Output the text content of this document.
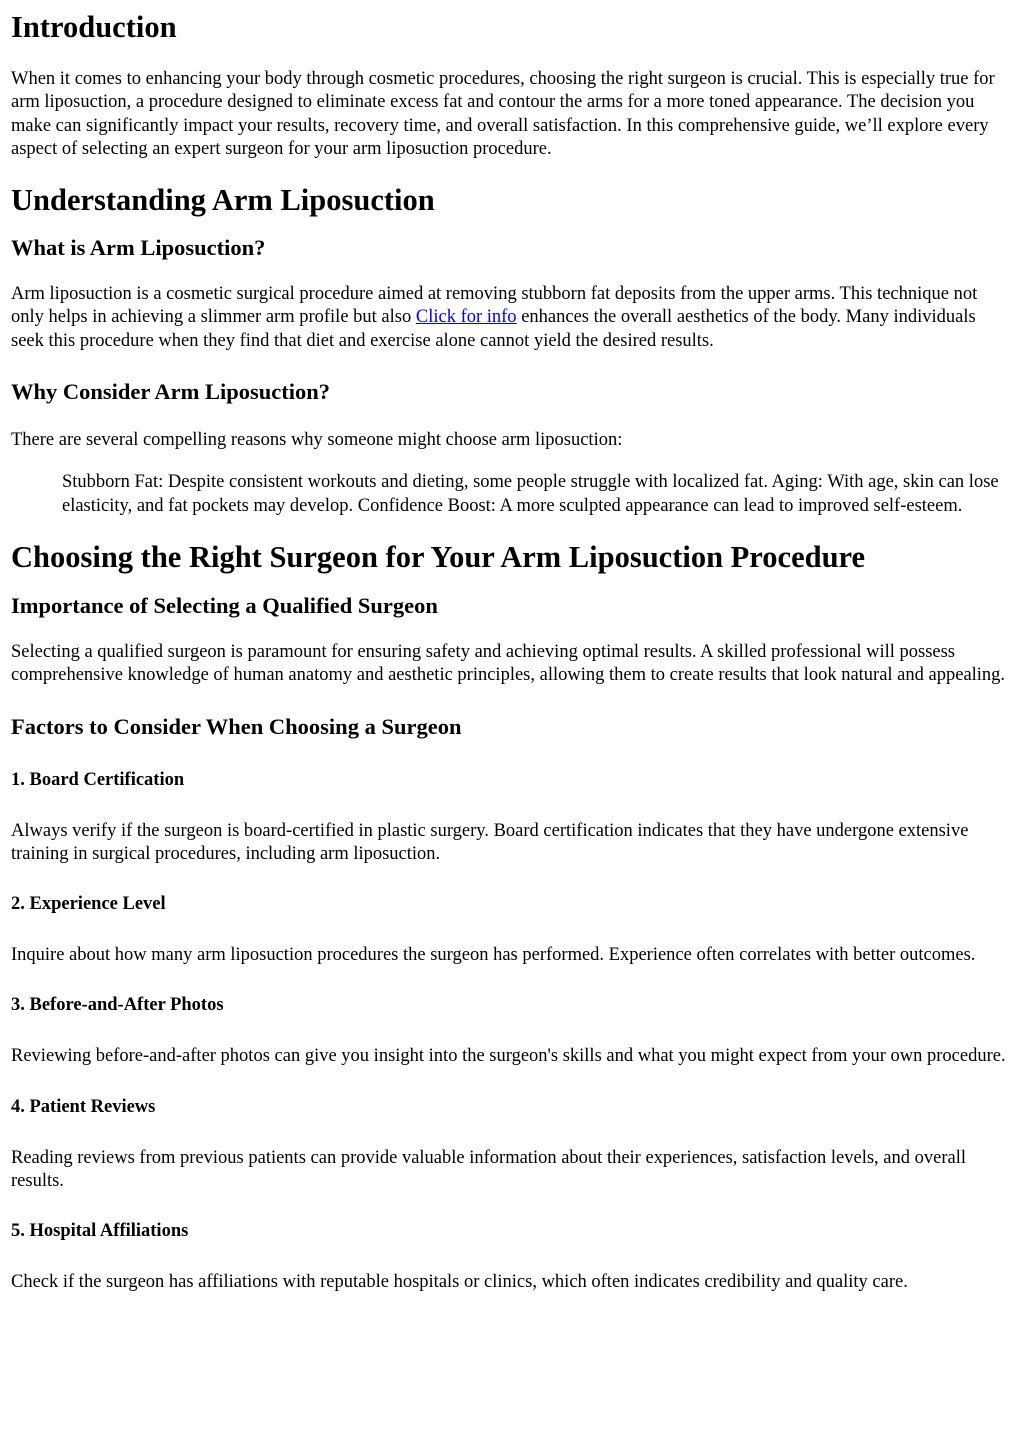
Introduction

When it comes to enhancing your body through cosmetic procedures, choosing the right surgeon is crucial. This is especially true for arm liposuction, a procedure designed to eliminate excess fat and contour the arms for a more toned appearance. The decision you make can significantly impact your results, recovery time, and overall satisfaction. In this comprehensive guide, we’ll explore every aspect of selecting an expert surgeon for your arm liposuction procedure.

Understanding Arm Liposuction
What is Arm Liposuction?

Arm liposuction is a cosmetic surgical procedure aimed at removing stubborn fat deposits from the upper arms. This technique not only helps in achieving a slimmer arm profile but also Click for info enhances the overall aesthetics of the body. Many individuals seek this procedure when they find that diet and exercise alone cannot yield the desired results.

Why Consider Arm Liposuction?

There are several compelling reasons why someone might choose arm liposuction:

Stubborn Fat: Despite consistent workouts and dieting, some people struggle with localized fat. Aging: With age, skin can lose elasticity, and fat pockets may develop. Confidence Boost: A more sculpted appearance can lead to improved self-esteem.
Choosing the Right Surgeon for Your Arm Liposuction Procedure
Importance of Selecting a Qualified Surgeon

Selecting a qualified surgeon is paramount for ensuring safety and achieving optimal results. A skilled professional will possess comprehensive knowledge of human anatomy and aesthetic principles, allowing them to create results that look natural and appealing.

Factors to Consider When Choosing a Surgeon
1. Board Certification

Always verify if the surgeon is board-certified in plastic surgery. Board certification indicates that they have undergone extensive training in surgical procedures, including arm liposuction.

2. Experience Level

Inquire about how many arm liposuction procedures the surgeon has performed. Experience often correlates with better outcomes.

3. Before-and-After Photos

Reviewing before-and-after photos can give you insight into the surgeon's skills and what you might expect from your own procedure.

4. Patient Reviews

Reading reviews from previous patients can provide valuable information about their experiences, satisfaction levels, and overall results.

5. Hospital Affiliations

Check if the surgeon has affiliations with reputable hospitals or clinics, which often indicates credibility and quality care.
